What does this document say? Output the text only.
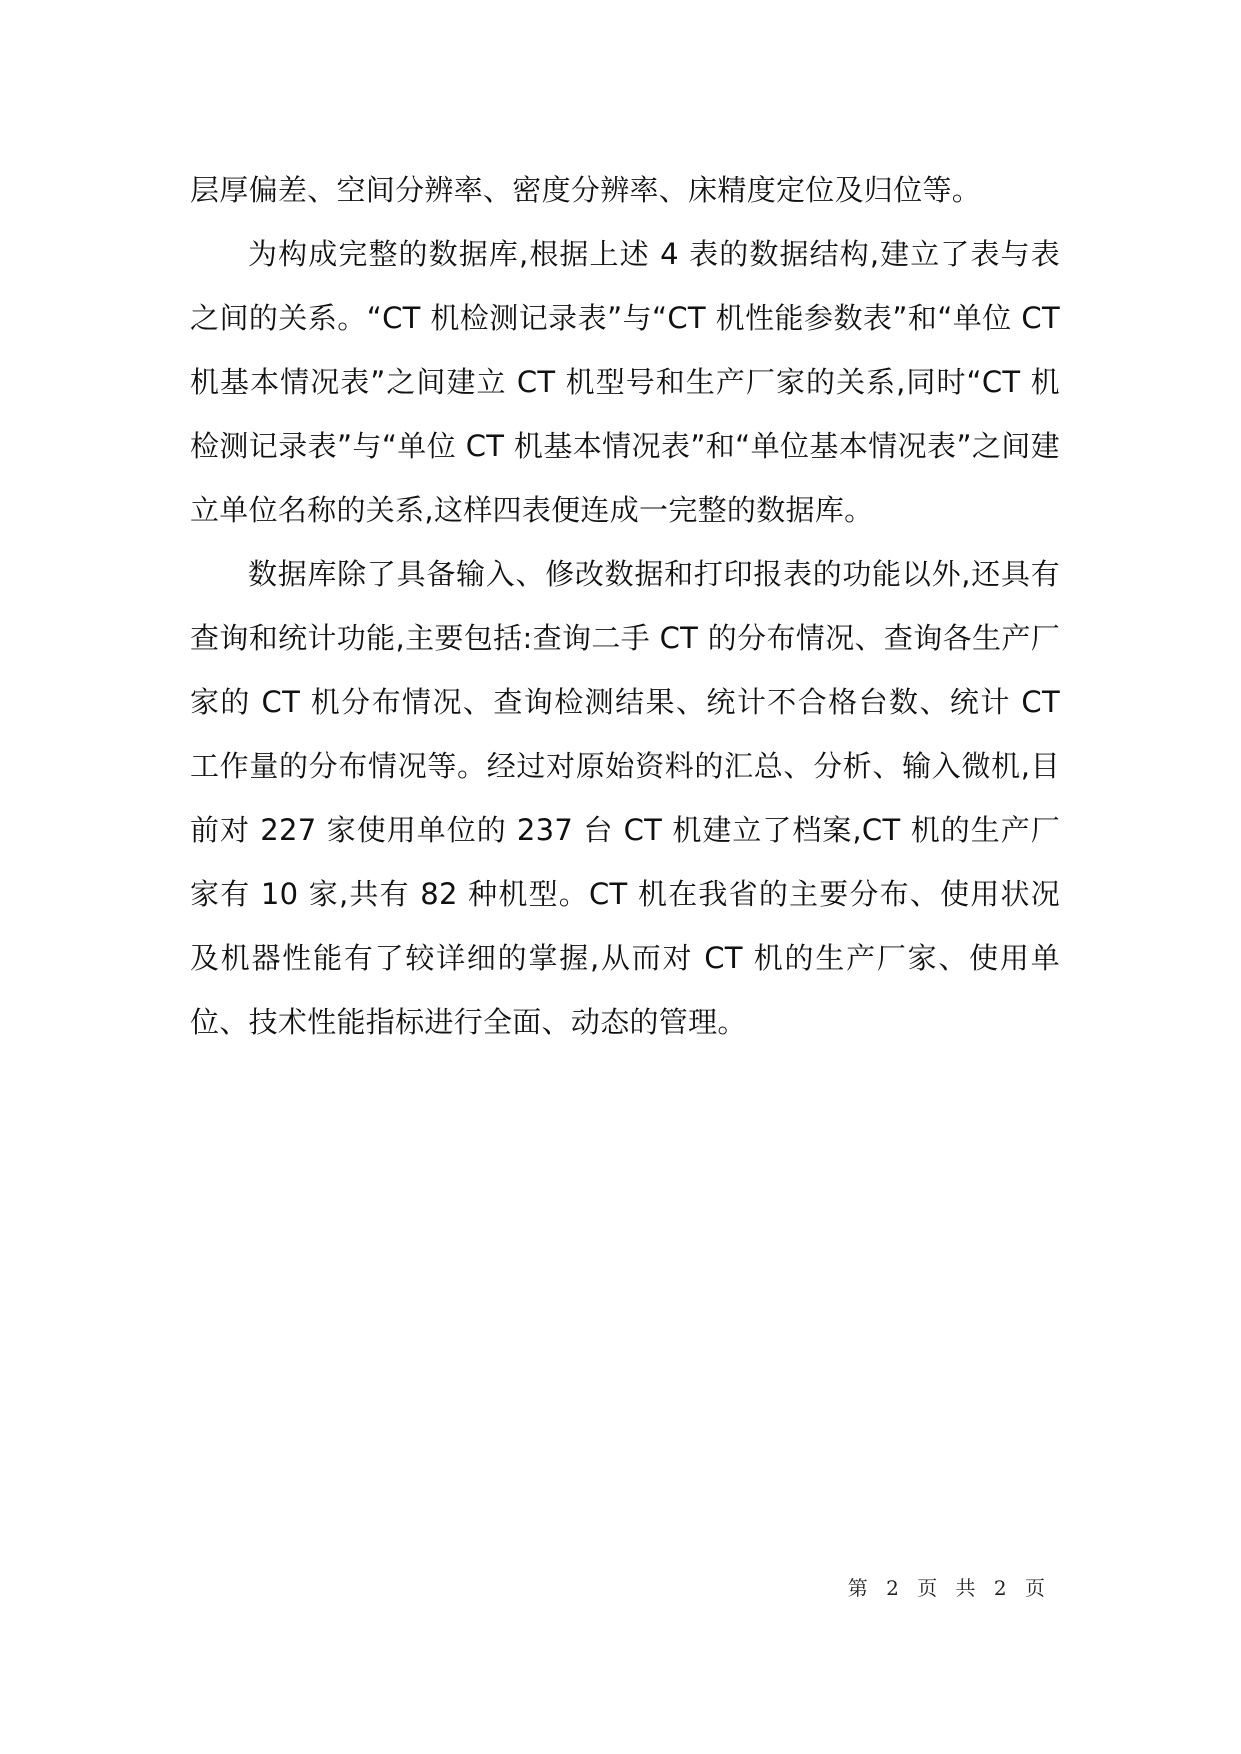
层厚偏差、空间分辨率、密度分辨率、床精度定位及归位等。

为构成完整的数据库,根据上述 4 表的数据结构,建立了表与表之间的关系。“CT 机检测记录表”与“CT 机性能参数表”和“单位 CT 机基本情况表”之间建立 CT 机型号和生产厂家的关系,同时“CT 机检测记录表”与“单位 CT 机基本情况表”和“单位基本情况表”之间建立单位名称的关系,这样四表便连成一完整的数据库。

数据库除了具备输入、修改数据和打印报表的功能以外,还具有查询和统计功能,主要包括:查询二手 CT 的分布情况、查询各生产厂家的 CT 机分布情况、查询检测结果、统计不合格台数、统计 CT 工作量的分布情况等。经过对原始资料的汇总、分析、输入微机,目前对 227 家使用单位的 237 台 CT 机建立了档案,CT 机的生产厂家有 10 家,共有 82 种机型。CT 机在我省的主要分布、使用状况及机器性能有了较详细的掌握,从而对 CT 机的生产厂家、使用单位、技术性能指标进行全面、动态的管理。

第 2 页 共 2 页
